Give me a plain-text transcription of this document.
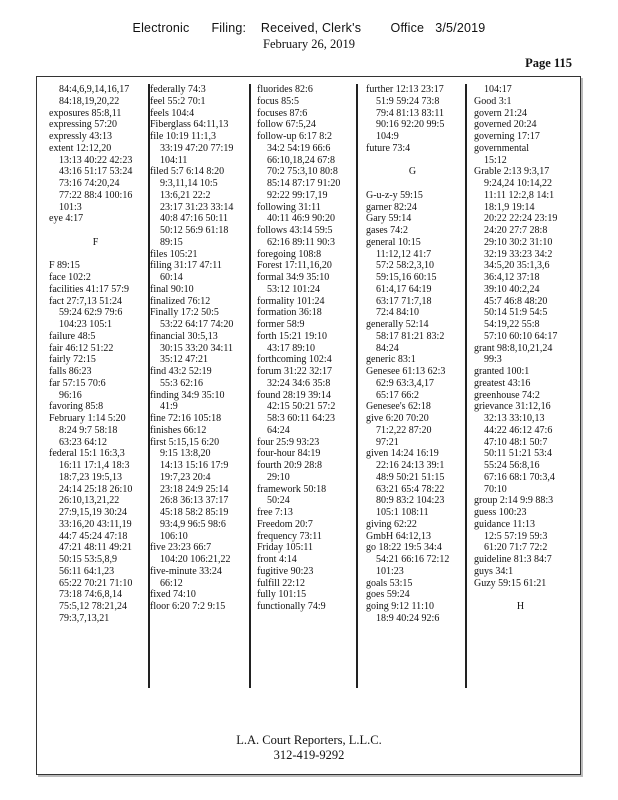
Electronic      Filing:    Received, Clerk's        Office   3/5/2019
February 26, 2019
Page 115
84:4,6,9,14,16,17
84:18,19,20,22
exposures 85:8,11
expressing 57:20
expressly 43:13
extent 12:12,20
13:13 40:22 42:23
43:16 51:17 53:24
73:16 74:20,24
77:22 88:4 100:16
101:3
eye 4:17

F

F 89:15
face 102:2
facilities 41:17 57:9
fact 27:7,13 51:24
59:24 62:9 79:6
104:23 105:1
failure 48:5
fair 46:12 51:22
fairly 72:15
falls 86:23
far 57:15 70:6
96:16
favoring 85:8
February 1:14 5:20
8:24 9:7 58:18
63:23 64:12
federal 15:1 16:3,3
16:11 17:1,4 18:3
18:7,23 19:5,13
24:14 25:18 26:10
26:10,13,21,22
27:9,15,19 30:24
33:16,20 43:11,19
44:7 45:24 47:18
47:21 48:11 49:21
50:15 53:5,8,9
56:11 64:1,23
65:22 70:21 71:10
73:18 74:6,8,14
75:5,12 78:21,24
79:3,7,13,21
federally 74:3
feel 55:2 70:1
feels 104:4
Fiberglass 64:11,13
file 10:19 11:1,3
33:19 47:20 77:19
104:11
filed 5:7 6:14 8:20
9:3,11,14 10:5
13:6,21 22:2
23:17 31:23 33:14
40:8 47:16 50:11
50:12 56:9 61:18
89:15
files 105:21
filing 31:17 47:11
60:14
final 90:10
finalized 76:12
Finally 17:2 50:5
53:22 64:17 74:20
financial 30:5,13
30:15 33:20 34:11
35:12 47:21
find 43:2 52:19
55:3 62:16
finding 34:9 35:10
41:9
fine 72:16 105:18
finishes 66:12
first 5:15,15 6:20
9:15 13:8,20
14:13 15:16 17:9
19:7,23 20:4
23:18 24:9 25:14
26:8 36:13 37:17
45:18 58:2 85:19
93:4,9 96:5 98:6
106:10
five 23:23 66:7
104:20 106:21,22
five-minute 33:24
66:12
fixed 74:10
floor 6:20 7:2 9:15
fluorides 82:6
focus 85:5
focuses 87:6
follow 67:5,24
follow-up 6:17 8:2
34:2 54:19 66:6
66:10,18,24 67:8
70:2 75:3,10 80:8
85:14 87:17 91:20
92:22 99:17,19
following 31:11
40:11 46:9 90:20
follows 43:14 59:5
62:16 89:11 90:3
foregoing 108:8
Forest 17:11,16,20
formal 34:9 35:10
53:12 101:24
formality 101:24
formation 36:18
former 58:9
forth 15:21 19:10
43:17 89:10
forthcoming 102:4
forum 31:22 32:17
32:24 34:6 35:8
found 28:19 39:14
42:15 50:21 57:2
58:3 60:11 64:23
64:24
four 25:9 93:23
four-hour 84:19
fourth 20:9 28:8
29:10
framework 50:18
50:24
free 7:13
Freedom 20:7
frequency 73:11
Friday 105:11
front 4:14
fugitive 90:23
fulfill 22:12
fully 101:15
functionally 74:9
further 12:13 23:17
51:9 59:24 73:8
79:4 81:13 83:11
90:16 92:20 99:5
104:9
future 73:4

G

G-u-z-y 59:15
garner 82:24
Gary 59:14
gases 74:2
general 10:15
11:12,12 41:7
57:2 58:2,3,10
59:15,16 60:15
61:4,17 64:19
63:17 71:7,18
72:4 84:10
generally 52:14
58:17 81:21 83:2
84:24
generic 83:1
Genesee 61:13 62:3
62:9 63:3,4,17
65:17 66:2
Genesee's 62:18
give 6:20 70:20
71:2,22 87:20
97:21
given 14:24 16:19
22:16 24:13 39:1
48:9 50:21 51:15
63:21 65:4 78:22
80:9 83:2 104:23
105:1 108:11
giving 62:22
GmbH 64:12,13
go 18:22 19:5 34:4
54:21 66:16 72:12
101:23
goals 53:15
goes 59:24
going 9:12 11:10
18:9 40:24 92:6
104:17
Good 3:1
govern 21:24
governed 20:24
governing 17:17
governmental
15:12
Grable 2:13 9:3,17
9:24,24 10:14,22
11:11 12:2,8 14:1
18:1,9 19:14
20:22 22:24 23:19
24:20 27:7 28:8
29:10 30:2 31:10
32:19 33:23 34:2
34:5,20 35:1,3,6
36:4,12 37:18
39:10 40:2,24
45:7 46:8 48:20
50:14 51:9 54:5
54:19,22 55:8
57:10 60:10 64:17
grant 98:8,10,21,24
99:3
granted 100:1
greatest 43:16
greenhouse 74:2
grievance 31:12,16
32:13 33:10,13
44:22 46:12 47:6
47:10 48:1 50:7
50:11 51:21 53:4
55:24 56:8,16
67:16 68:1 70:3,4
70:10
group 2:14 9:9 88:3
guess 100:23
guidance 11:13
12:5 57:19 59:3
61:20 71:7 72:2
guideline 81:3 84:7
guys 34:1
Guzy 59:15 61:21

H
L.A. Court Reporters, L.L.C.
312-419-9292
